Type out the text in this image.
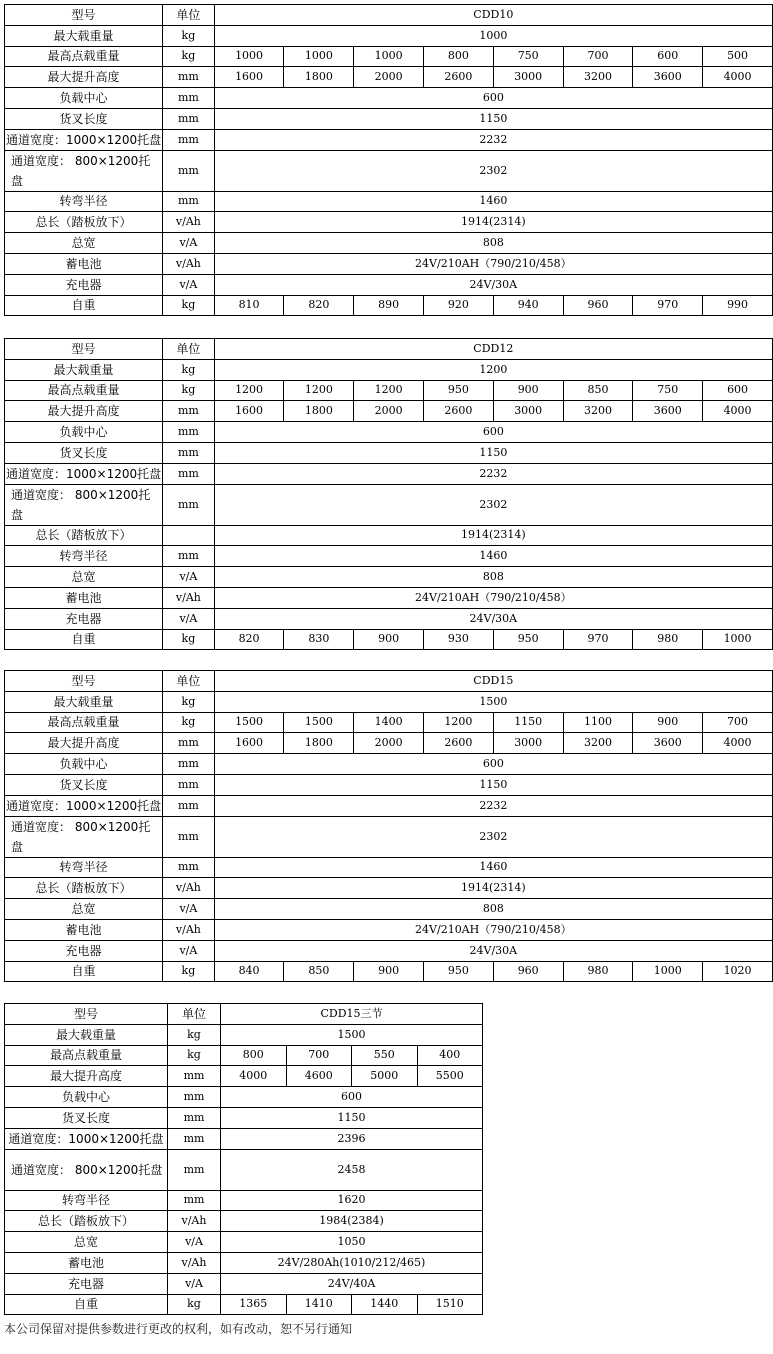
型号	单位	CDD10							
最大载重量	kg	1000							
最高点载重量	kg	1000	1000	1000	800	750	700	600	500
最大提升高度	mm	1600	1800	2000	2600	3000	3200	3600	4000
负载中心	mm	600							
货叉长度	mm	1150							
通道宽度：1000×1200托盘	mm	2232							
通道宽度： 800×1200托盘	mm	2302							
转弯半径	mm	1460							
总长（踏板放下）	v/Ah	1914(2314)							
总宽	v/A	808							
蓄电池	v/Ah	24V/210AH（790/210/458）							
充电器	v/A	24V/30A							
自重	kg	810	820	890	920	940	960	970	990
型号	单位	CDD12							
最大载重量	kg	1200							
最高点载重量	kg	1200	1200	1200	950	900	850	750	600
最大提升高度	mm	1600	1800	2000	2600	3000	3200	3600	4000
负载中心	mm	600							
货叉长度	mm	1150							
通道宽度：1000×1200托盘	mm	2232							
通道宽度： 800×1200托盘	mm	2302							
总长（踏板放下）		1914(2314)							
转弯半径	mm	1460							
总宽	v/A	808							
蓄电池	v/Ah	24V/210AH（790/210/458）							
充电器	v/A	24V/30A							
自重	kg	820	830	900	930	950	970	980	1000
型号	单位	CDD15							
最大载重量	kg	1500							
最高点载重量	kg	1500	1500	1400	1200	1150	1100	900	700
最大提升高度	mm	1600	1800	2000	2600	3000	3200	3600	4000
负载中心	mm	600							
货叉长度	mm	1150							
通道宽度：1000×1200托盘	mm	2232							
通道宽度： 800×1200托盘	mm	2302							
转弯半径	mm	1460							
总长（踏板放下）	v/Ah	1914(2314)							
总宽	v/A	808							
蓄电池	v/Ah	24V/210AH（790/210/458）							
充电器	v/A	24V/30A							
自重	kg	840	850	900	950	960	980	1000	1020
型号	单位	CDD15三节			
最大载重量	kg	1500			
最高点载重量	kg	800	700	550	400
最大提升高度	mm	4000	4600	5000	5500
负载中心	mm	600			
货叉长度	mm	1150			
通道宽度：1000×1200托盘	mm	2396			
通道宽度： 800×1200托盘	mm	2458			
转弯半径	mm	1620			
总长（踏板放下）	v/Ah	1984(2384)			
总宽	v/A	1050			
蓄电池	v/Ah	24V/280Ah(1010/212/465)			
充电器	v/A	24V/40A			
自重	kg	1365	1410	1440	1510
本公司保留对提供参数进行更改的权利，如有改动，恕不另行通知
